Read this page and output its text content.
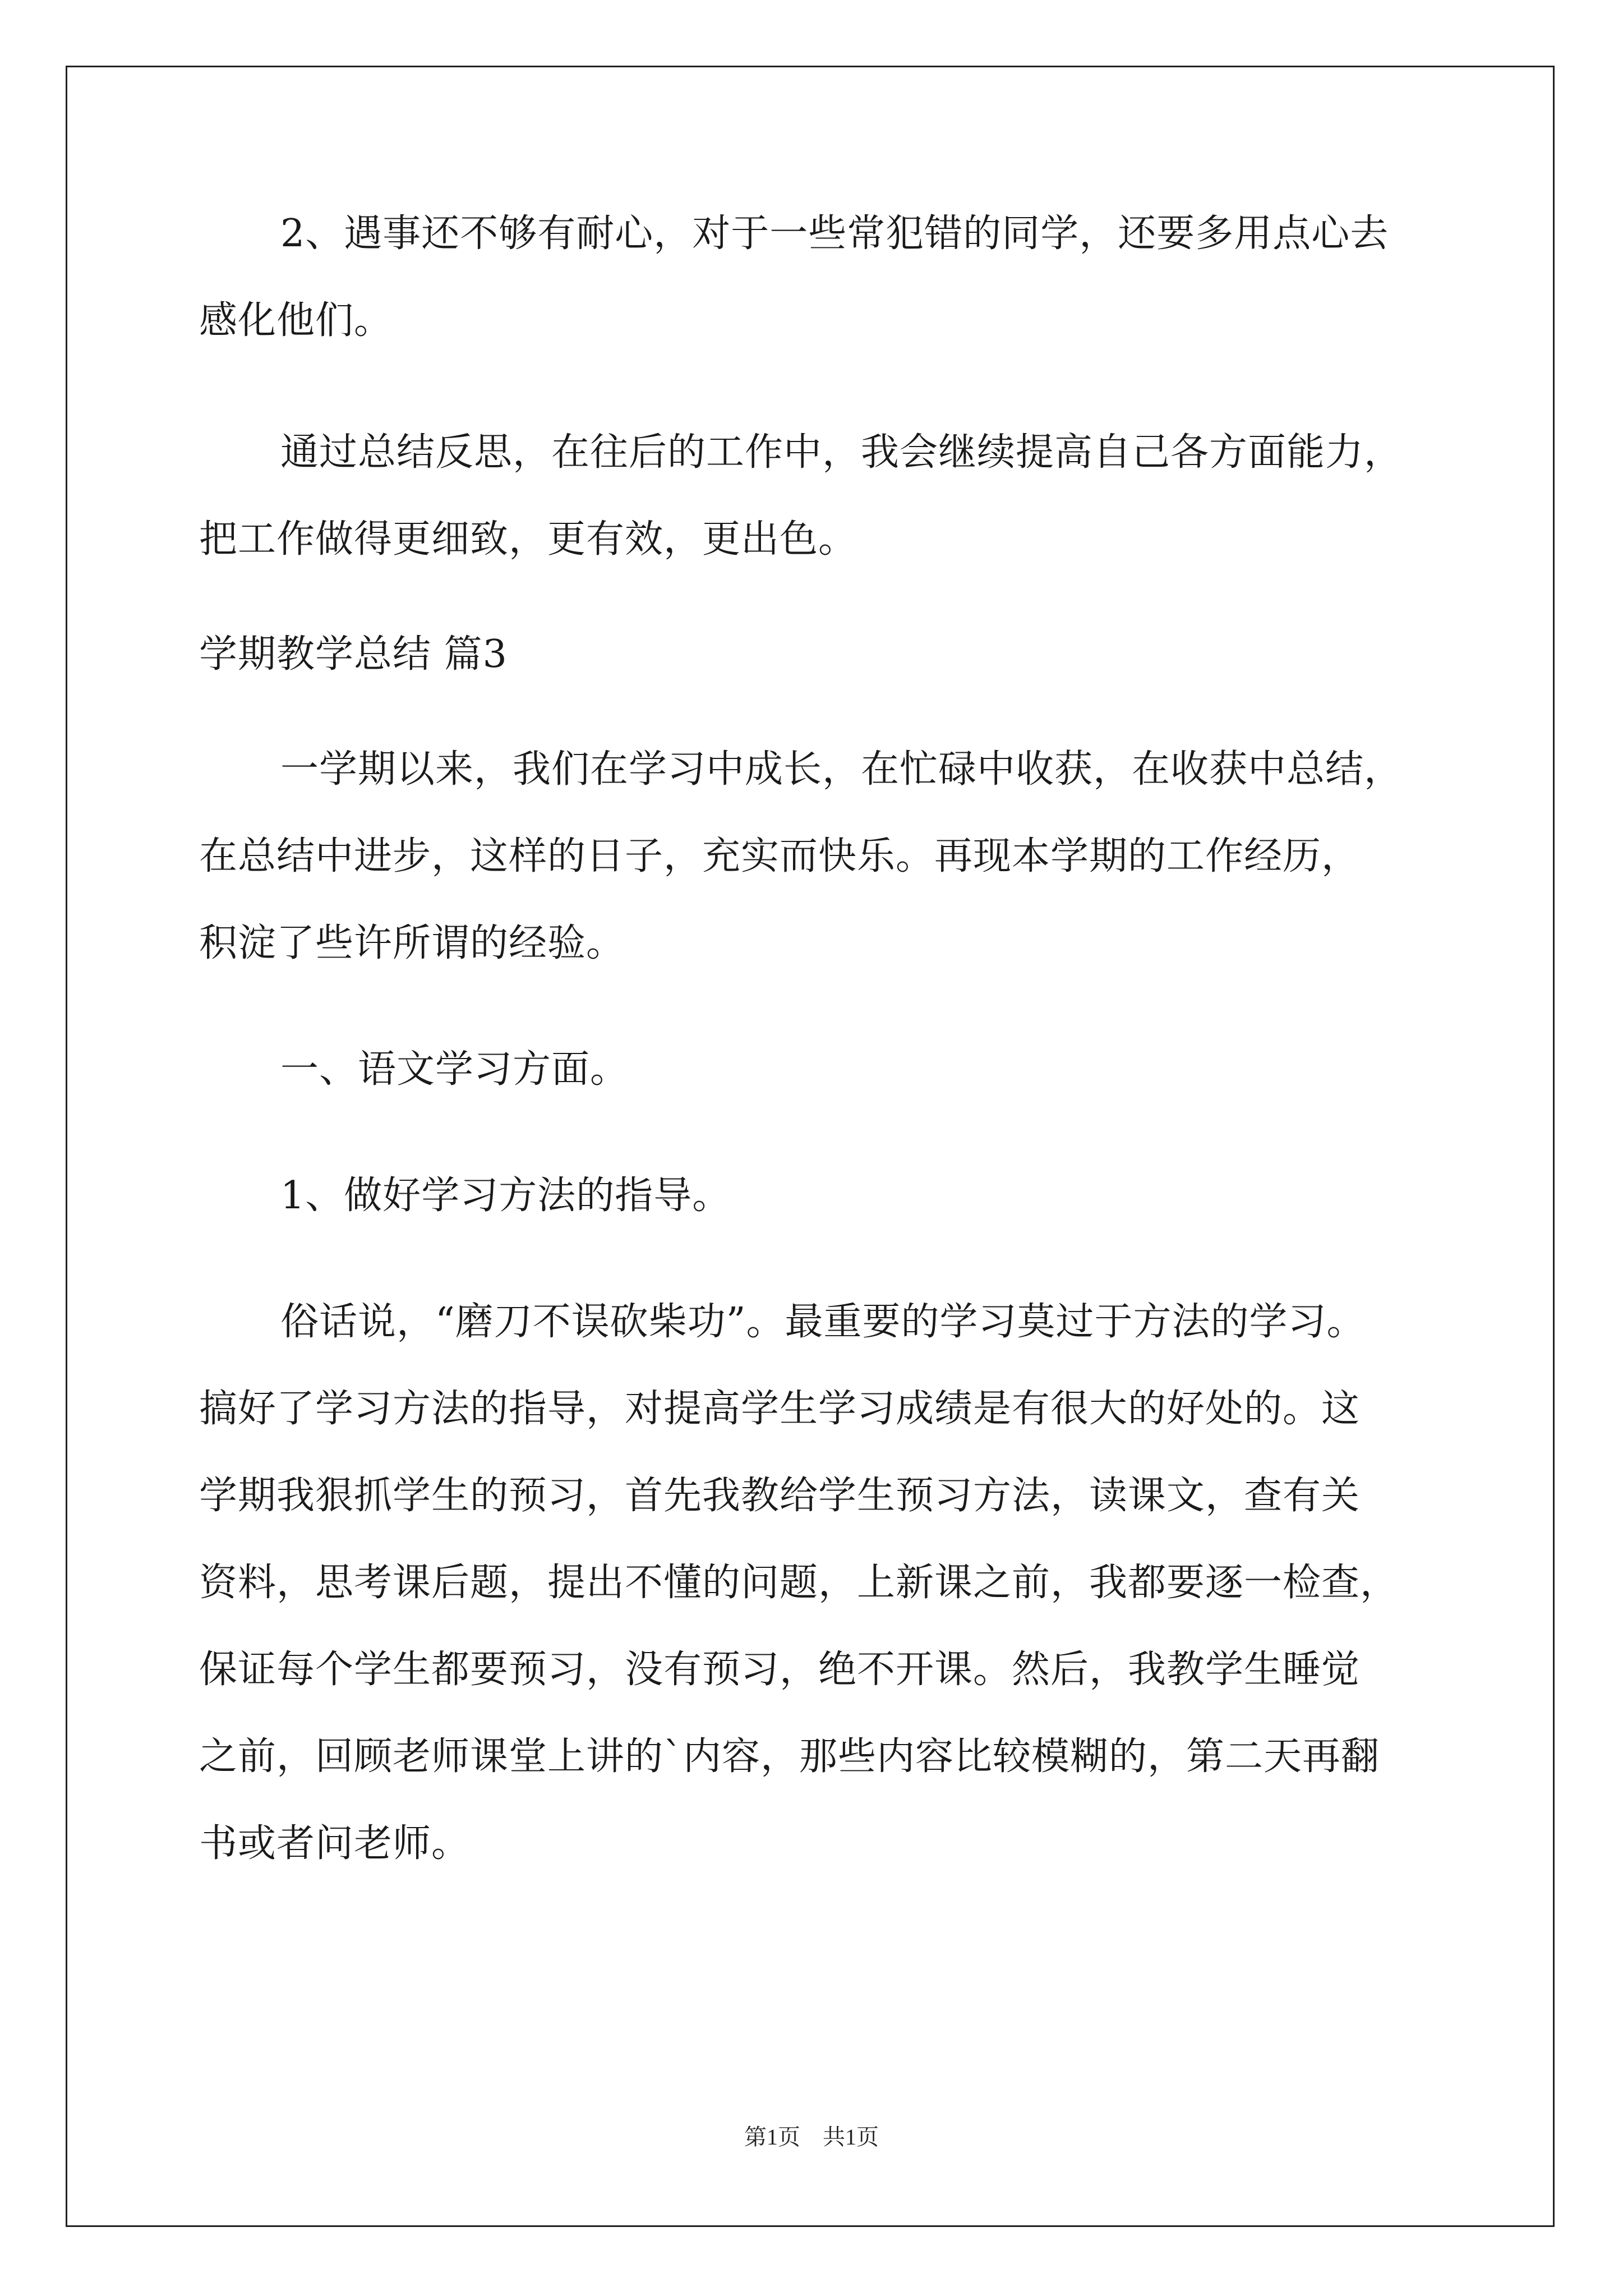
2、遇事还不够有耐心，对于一些常犯错的同学，还要多用点心去
感化他们。
通过总结反思，在往后的工作中，我会继续提高自己各方面能力，
把工作做得更细致，更有效，更出色。
学期教学总结 篇3
一学期以来，我们在学习中成长，在忙碌中收获，在收获中总结，
在总结中进步，这样的日子，充实而快乐。再现本学期的工作经历，
积淀了些许所谓的经验。
一、语文学习方面。
1、做好学习方法的指导。
俗话说，“磨刀不误砍柴功”。最重要的学习莫过于方法的学习。
搞好了学习方法的指导，对提高学生学习成绩是有很大的好处的。这
学期我狠抓学生的预习，首先我教给学生预习方法，读课文，查有关
资料，思考课后题，提出不懂的问题，上新课之前，我都要逐一检查，
保证每个学生都要预习，没有预习，绝不开课。然后，我教学生睡觉
之前，回顾老师课堂上讲的`内容，那些内容比较模糊的，第二天再翻
书或者问老师。
第1页　共1页
